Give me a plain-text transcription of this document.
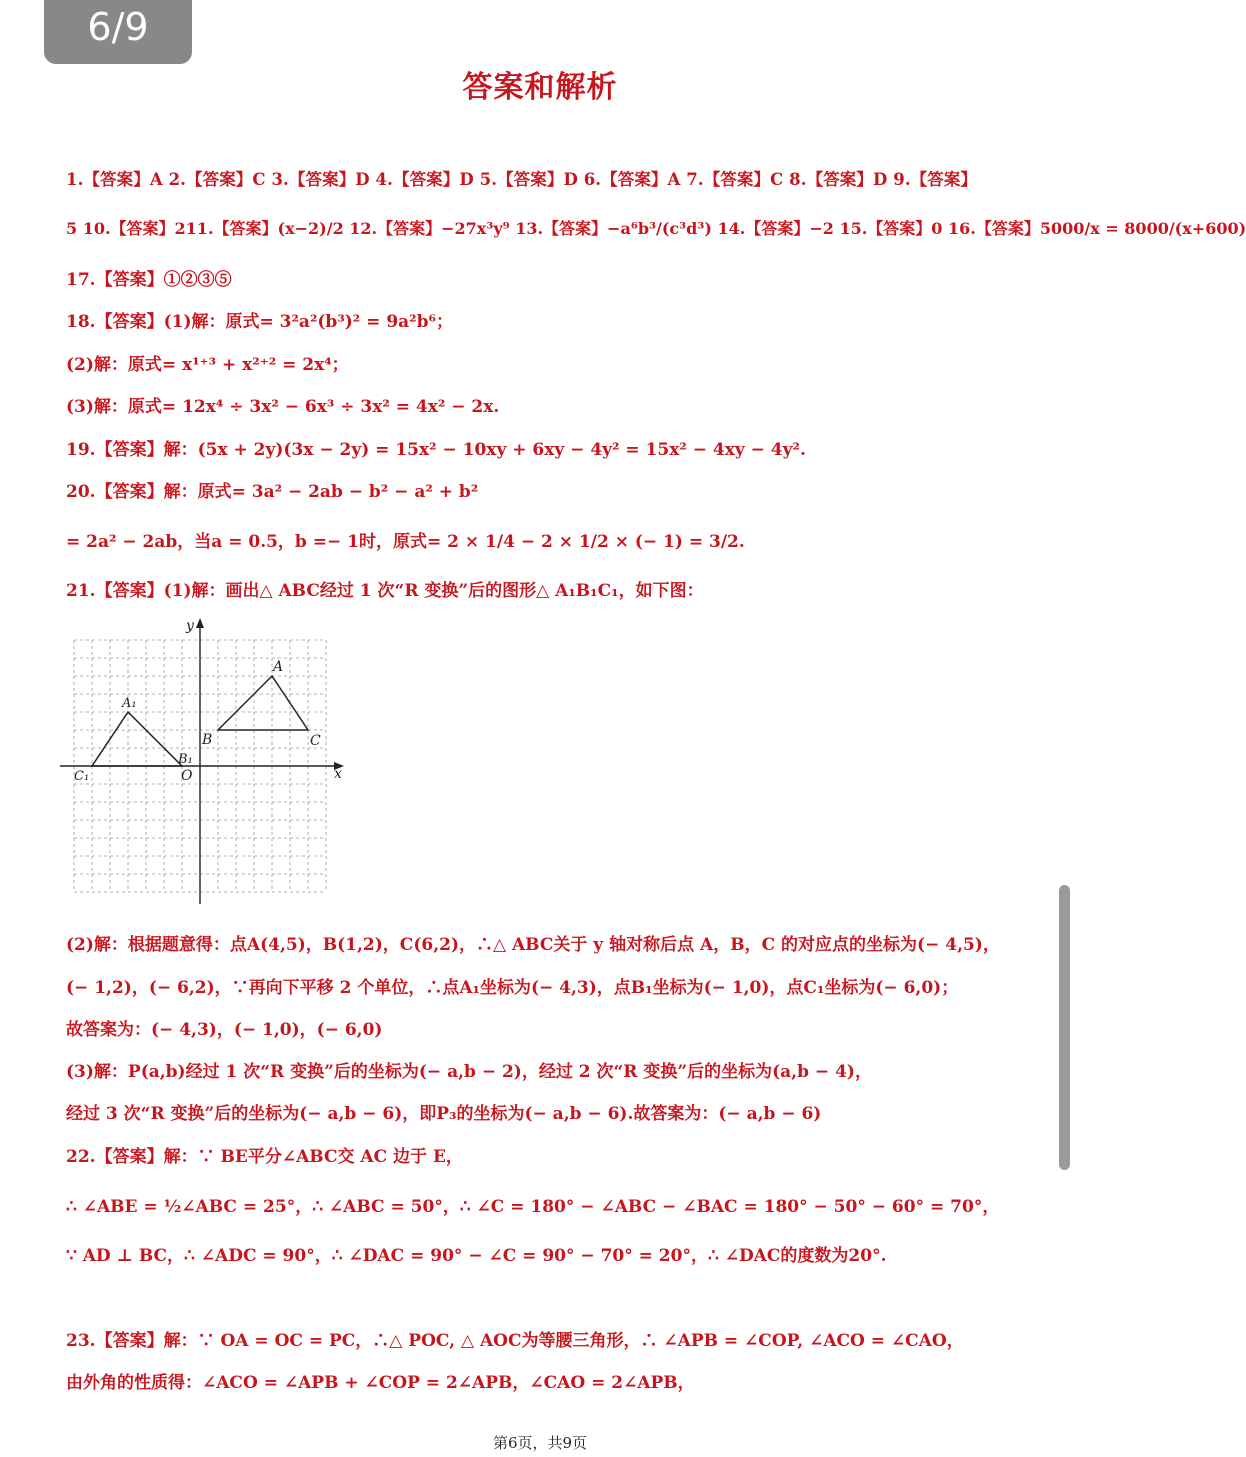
6/9
答案和解析
1.【答案】A 2.【答案】C 3.【答案】D 4.【答案】D 5.【答案】D 6.【答案】A 7.【答案】C 8.【答案】D 9.【答案】
5 10.【答案】211.【答案】(x−2)/2 12.【答案】−27x³y⁹ 13.【答案】−a⁶b³/(c³d³) 14.【答案】−2 15.【答案】0 16.【答案】5000/x = 8000/(x+600)
17.【答案】①②③⑤
18.【答案】(1)解：原式= 3²a²(b³)² = 9a²b⁶；
(2)解：原式= x¹⁺³ + x²⁺² = 2x⁴；
(3)解：原式= 12x⁴ ÷ 3x² − 6x³ ÷ 3x² = 4x² − 2x.
19.【答案】解：(5x + 2y)(3x − 2y) = 15x² − 10xy + 6xy − 4y² = 15x² − 4xy − 4y².
20.【答案】解：原式= 3a² − 2ab − b² − a² + b²
= 2a² − 2ab，当a = 0.5，b =− 1时，原式= 2 × 1/4 − 2 × 1/2 × (− 1) = 3/2.
21.【答案】(1)解：画出△ ABC经过 1 次“R 变换”后的图形△ A₁B₁C₁，如下图：
x
y
O
A
B	C
A₁
B₁
C₁
(2)解：根据题意得：点A(4,5)，B(1,2)，C(6,2)，∴△ ABC关于 y 轴对称后点 A，B，C 的对应点的坐标为(− 4,5)，
(− 1,2)，(− 6,2)，∵再向下平移 2 个单位，∴点A₁坐标为(− 4,3)，点B₁坐标为(− 1,0)，点C₁坐标为(− 6,0)；
故答案为：(− 4,3)，(− 1,0)，(− 6,0)
(3)解：P(a,b)经过 1 次“R 变换”后的坐标为(− a,b − 2)，经过 2 次“R 变换”后的坐标为(a,b − 4)，
经过 3 次“R 变换”后的坐标为(− a,b − 6)，即P₃的坐标为(− a,b − 6).故答案为：(− a,b − 6)
22.【答案】解：∵ BE平分∠ABC交 AC 边于 E，
∴ ∠ABE = ½∠ABC = 25°，∴ ∠ABC = 50°，∴ ∠C = 180° − ∠ABC − ∠BAC = 180° − 50° − 60° = 70°，
∵ AD ⊥ BC，∴ ∠ADC = 90°，∴ ∠DAC = 90° − ∠C = 90° − 70° = 20°，∴ ∠DAC的度数为20°.
23.【答案】解：∵ OA = OC = PC，∴△ POC, △ AOC为等腰三角形，∴ ∠APB = ∠COP, ∠ACO = ∠CAO，
由外角的性质得：∠ACO = ∠APB + ∠COP = 2∠APB，∠CAO = 2∠APB，
第6页，共9页
